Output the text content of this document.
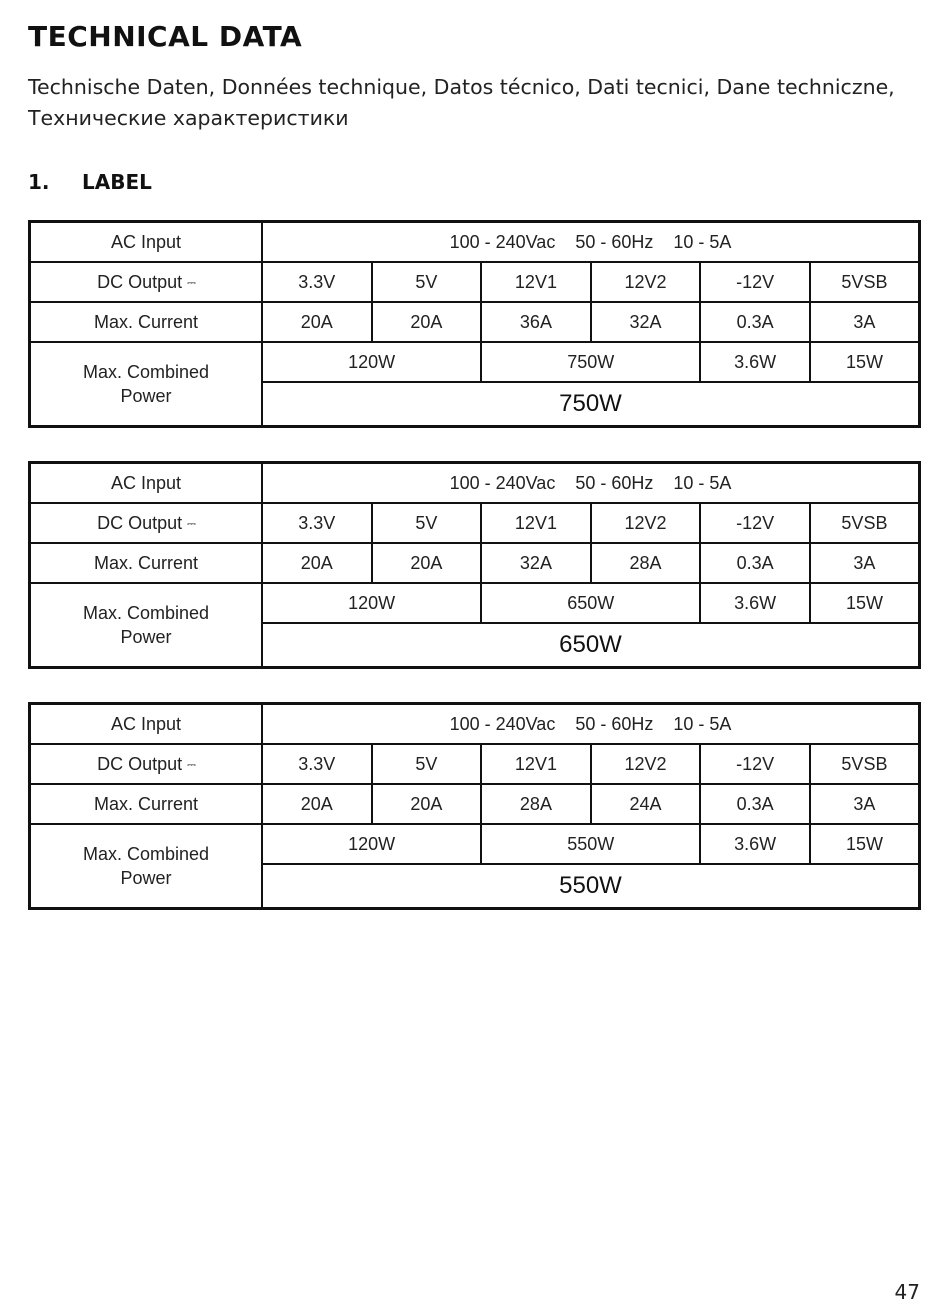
TECHNICAL DATA
Technische Daten, Données technique, Datos técnico, Dati tecnici, Dane techniczne,
Технические характеристики
1. LABEL
AC Input	100 - 240Vac    50 - 60Hz    10 - 5A					
DC Output ⎓	3.3V	5V	12V1	12V2	-12V	5VSB
Max. Current	20A	20A	36A	32A	0.3A	3A
Max. Combined
Power	120W		750W		3.6W	15W
	750W					
AC Input	100 - 240Vac    50 - 60Hz    10 - 5A					
DC Output ⎓	3.3V	5V	12V1	12V2	-12V	5VSB
Max. Current	20A	20A	32A	28A	0.3A	3A
Max. Combined
Power	120W		650W		3.6W	15W
	650W					
AC Input	100 - 240Vac    50 - 60Hz    10 - 5A					
DC Output ⎓	3.3V	5V	12V1	12V2	-12V	5VSB
Max. Current	20A	20A	28A	24A	0.3A	3A
Max. Combined
Power	120W		550W		3.6W	15W
	550W					
47
